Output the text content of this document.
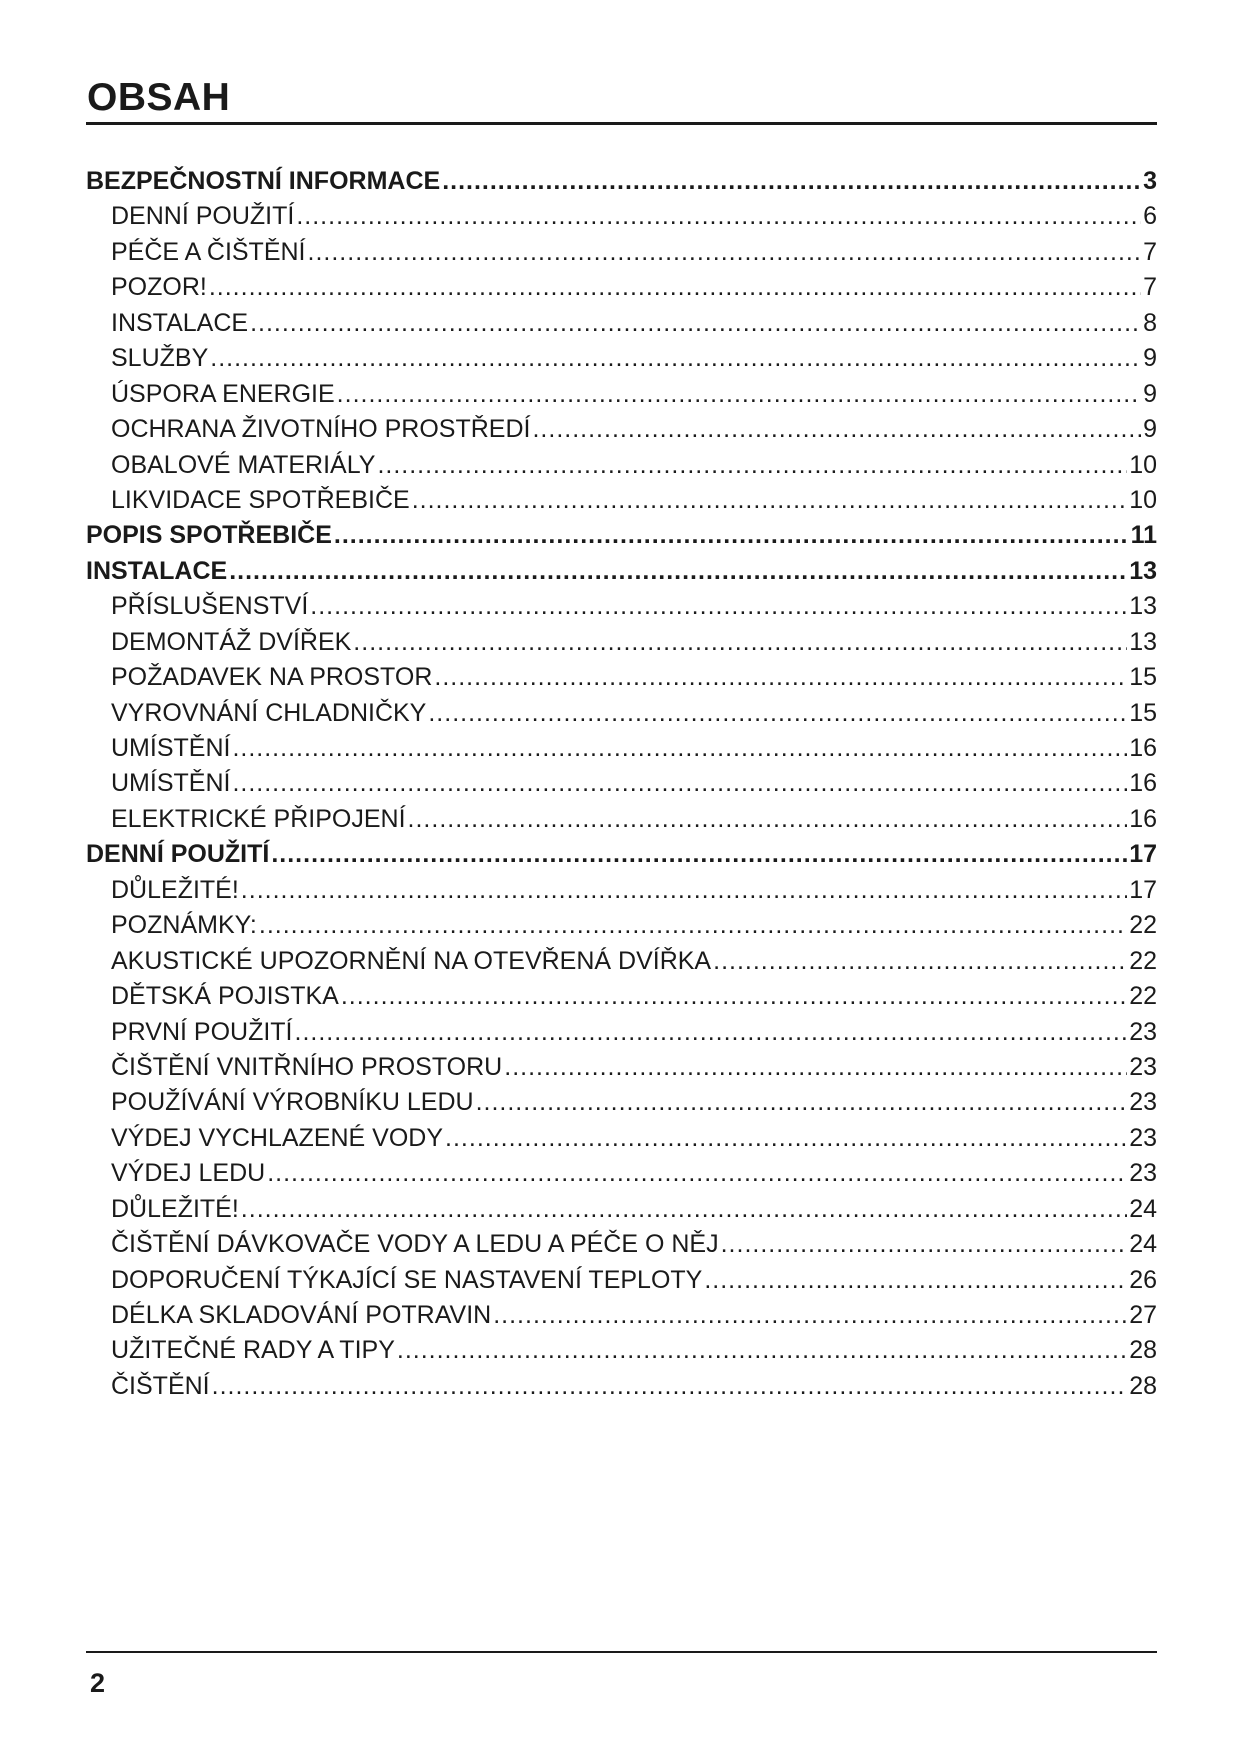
OBSAH
BEZPEČNOSTNÍ INFORMACE .....	3
DENNÍ POUŽITÍ .....	6
PÉČE A ČIŠTĚNÍ .....	7
POZOR! .....	7
INSTALACE .....	8
SLUŽBY .....	9
ÚSPORA ENERGIE .....	9
OCHRANA ŽIVOTNÍHO PROSTŘEDÍ .....	9
OBALOVÉ MATERIÁLY .....	10
LIKVIDACE SPOTŘEBIČE .....	10
POPIS SPOTŘEBIČE .....	11
INSTALACE .....	13
PŘÍSLUŠENSTVÍ .....	13
DEMONTÁŽ DVÍŘEK .....	13
POŽADAVEK NA PROSTOR .....	15
VYROVNÁNÍ CHLADNIČKY .....	15
UMÍSTĚNÍ .....	16
UMÍSTĚNÍ .....	16
ELEKTRICKÉ PŘIPOJENÍ .....	16
DENNÍ POUŽITÍ .....	17
DŮLEŽITÉ! .....	17
POZNÁMKY: .....	22
AKUSTICKÉ UPOZORNĚNÍ NA OTEVŘENÁ DVÍŘKA .....	22
DĚTSKÁ POJISTKA .....	22
PRVNÍ POUŽITÍ .....	23
ČIŠTĚNÍ VNITŘNÍHO PROSTORU .....	23
POUŽÍVÁNÍ VÝROBNÍKU LEDU .....	23
VÝDEJ VYCHLAZENÉ VODY .....	23
VÝDEJ LEDU .....	23
DŮLEŽITÉ! .....	24
ČIŠTĚNÍ DÁVKOVAČE VODY A LEDU A PÉČE O NĚJ .....	24
DOPORUČENÍ TÝKAJÍCÍ SE NASTAVENÍ TEPLOTY .....	26
DÉLKA SKLADOVÁNÍ POTRAVIN .....	27
UŽITEČNÉ RADY A TIPY .....	28
ČIŠTĚNÍ .....	28
2
